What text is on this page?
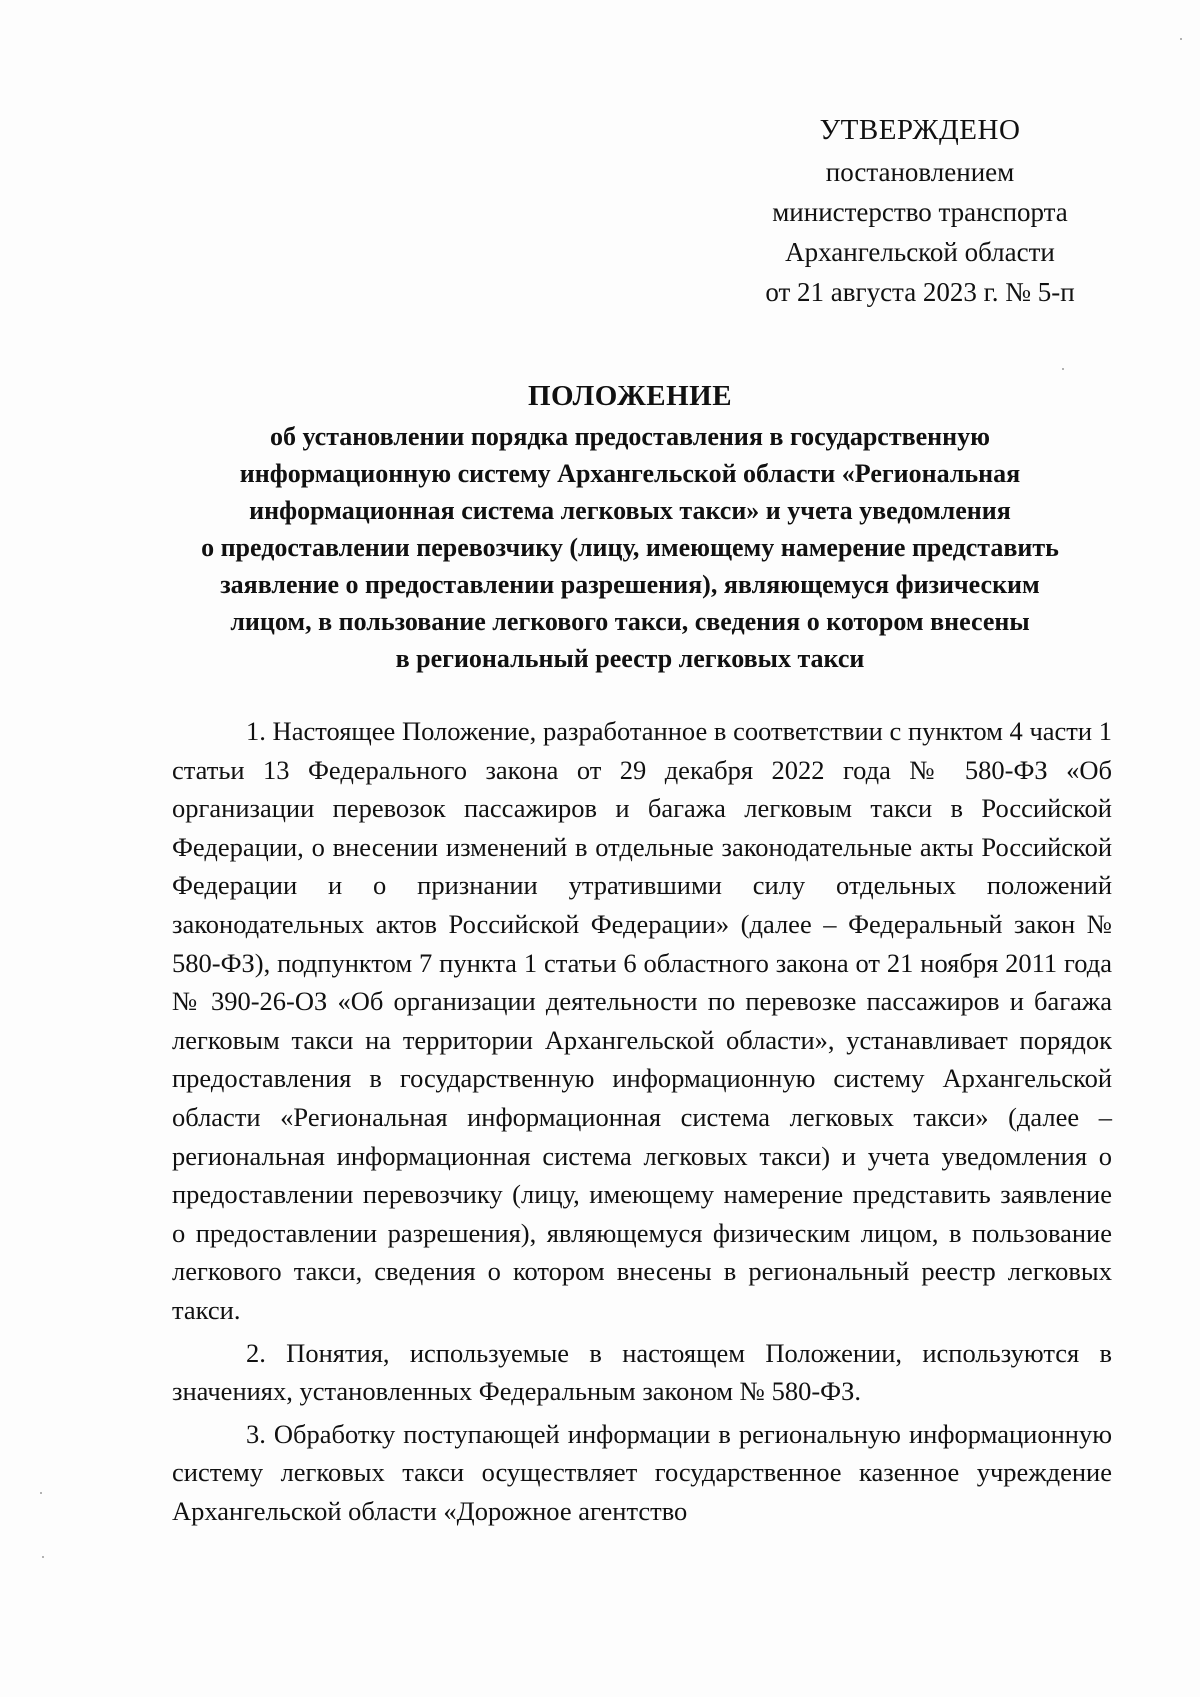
УТВЕРЖДЕНО
постановлением
министерство транспорта
Архангельской области
от 21 августа 2023 г. № 5-п
ПОЛОЖЕНИЕ
об установлении порядка предоставления в государственную
информационную систему Архангельской области «Региональная
информационная система легковых такси» и учета уведомления
о предоставлении перевозчику (лицу, имеющему намерение представить
заявление о предоставлении разрешения), являющемуся физическим
лицом, в пользование легкового такси, сведения о котором внесены
в региональный реестр легковых такси

1. Настоящее Положение, разработанное в соответствии с пунктом 4 части 1 статьи 13 Федерального закона от 29 декабря 2022 года № 580-ФЗ «Об организации перевозок пассажиров и багажа легковым такси в Российской Федерации, о внесении изменений в отдельные законодательные акты Российской Федерации и о признании утратившими силу отдельных положений законодательных актов Российской Федерации» (далее – Федеральный закон № 580-ФЗ), подпунктом 7 пункта 1 статьи 6 областного закона от 21 ноября 2011 года № 390-26-ОЗ «Об организации деятельности по перевозке пассажиров и багажа легковым такси на территории Архангельской области», устанавливает порядок предоставления в государственную информационную систему Архангельской области «Региональная информационная система легковых такси» (далее – региональная информационная система легковых такси) и учета уведомления о предоставлении перевозчику (лицу, имеющему намерение представить заявление о предоставлении разрешения), являющемуся физическим лицом, в пользование легкового такси, сведения о котором внесены в региональный реестр легковых такси.

2. Понятия, используемые в настоящем Положении, используются в значениях, установленных Федеральным законом № 580-ФЗ.

3. Обработку поступающей информации в региональную информационную систему легковых такси осуществляет государственное казенное учреждение Архангельской области «Дорожное агентство
